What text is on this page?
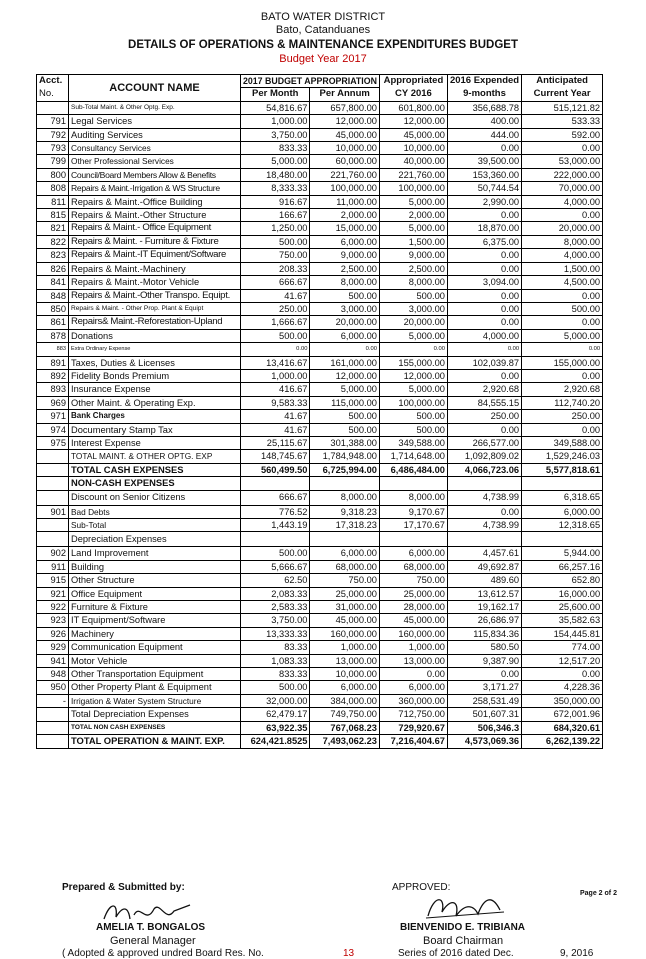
BATO WATER DISTRICT
Bato, Catanduanes
DETAILS OF OPERATIONS & MAINTENANCE EXPENDITURES BUDGET
Budget Year 2017
Acct.	ACCOUNT NAME	2017 BUDGET APPROPRIATION		Appropriated	2016 Expended	Anticipated
No.		Per Month	Per Annum	CY 2016	9-months	Current Year
	Sub-Total Maint. & Other Optg. Exp.	54,816.67	657,800.00	601,800.00	356,688.78	515,121.82
791	Legal Services	1,000.00	12,000.00	12,000.00	400.00	533.33
792	Auditing Services	3,750.00	45,000.00	45,000.00	444.00	592.00
793	Consultancy Services	833.33	10,000.00	10,000.00	0.00	0.00
799	Other Professional Services	5,000.00	60,000.00	40,000.00	39,500.00	53,000.00
800	Council/Board Members Allow & Benefits	18,480.00	221,760.00	221,760.00	153,360.00	222,000.00
808	Repairs & Maint.-Irrigation & WS Structure	8,333.33	100,000.00	100,000.00	50,744.54	70,000.00
811	Repairs & Maint.-Office Building	916.67	11,000.00	5,000.00	2,990.00	4,000.00
815	Repairs & Maint.-Other Structure	166.67	2,000.00	2,000.00	0.00	0.00
821	Repairs & Maint.- Office Equipment	1,250.00	15,000.00	5,000.00	18,870.00	20,000.00
822	Repairs & Maint. - Furniture & Fixture	500.00	6,000.00	1,500.00	6,375.00	8,000.00
823	Repairs & Maint.-IT Equiment/Software	750.00	9,000.00	9,000.00	0.00	4,000.00
826	Repairs & Maint.-Machinery	208.33	2,500.00	2,500.00	0.00	1,500.00
841	Repairs & Maint.-Motor Vehicle	666.67	8,000.00	8,000.00	3,094.00	4,500.00
848	Repairs & Maint.-Other Transpo. Equipt.	41.67	500.00	500.00	0.00	0.00
850	Repairs & Maint. - Other Prop. Plant & Equipt	250.00	3,000.00	3,000.00	0.00	500.00
861	Repairs& Maint.-Reforestation-Upland	1,666.67	20,000.00	20,000.00	0.00	0.00
878	Donations	500.00	6,000.00	5,000.00	4,000.00	5,000.00
883	Extra Ordinary Expense	0.00	0.00	0.00	0.00	0.00
891	Taxes, Duties & Licenses	13,416.67	161,000.00	155,000.00	102,039.87	155,000.00
892	Fidelity Bonds Premium	1,000.00	12,000.00	12,000.00	0.00	0.00
893	Insurance Expense	416.67	5,000.00	5,000.00	2,920.68	2,920.68
969	Other Maint. & Operating Exp.	9,583.33	115,000.00	100,000.00	84,555.15	112,740.20
971	Bank Charges	41.67	500.00	500.00	250.00	250.00
974	Documentary Stamp Tax	41.67	500.00	500.00	0.00	0.00
975	Interest Expense	25,115.67	301,388.00	349,588.00	266,577.00	349,588.00
	TOTAL MAINT. & OTHER OPTG. EXP	148,745.67	1,784,948.00	1,714,648.00	1,092,809.02	1,529,246.03
	TOTAL CASH EXPENSES	560,499.50	6,725,994.00	6,486,484.00	4,066,723.06	5,577,818.61
	NON-CASH EXPENSES					
	Discount on Senior Citizens	666.67	8,000.00	8,000.00	4,738.99	6,318.65
901	Bad Debts	776.52	9,318.23	9,170.67	0.00	6,000.00
	Sub-Total	1,443.19	17,318.23	17,170.67	4,738.99	12,318.65
	Depreciation Expenses					
902	Land Improvement	500.00	6,000.00	6,000.00	4,457.61	5,944.00
911	Building	5,666.67	68,000.00	68,000.00	49,692.87	66,257.16
915	Other Structure	62.50	750.00	750.00	489.60	652.80
921	Office Equipment	2,083.33	25,000.00	25,000.00	13,612.57	16,000.00
922	Furniture & Fixture	2,583.33	31,000.00	28,000.00	19,162.17	25,600.00
923	IT Equipment/Software	3,750.00	45,000.00	45,000.00	26,686.97	35,582.63
926	Machinery	13,333.33	160,000.00	160,000.00	115,834.36	154,445.81
929	Communication Equipment	83.33	1,000.00	1,000.00	580.50	774.00
941	Motor Vehicle	1,083.33	13,000.00	13,000.00	9,387.90	12,517.20
948	Other Transportation Equipment	833.33	10,000.00	0.00	0.00	0.00
950	Other Property Plant & Equipment	500.00	6,000.00	6,000.00	3,171.27	4,228.36
-	Irrigation & Water System Structure	32,000.00	384,000.00	360,000.00	258,531.49	350,000.00
	Total Depreciation Expenses	62,479.17	749,750.00	712,750.00	501,607.31	672,001.96
	TOTAL NON CASH EXPENSES	63,922.35	767,068.23	729,920.67	506,346.3	684,320.61
	TOTAL OPERATION & MAINT. EXP.	624,421.8525	7,493,062.23	7,216,404.67	4,573,069.36	6,262,139.22
Prepared & Submitted by:	APPROVED:
Page 2 of 2
AMELIA T. BONGALOS
General Manager
BIENVENIDO E. TRIBIANA
Board Chairman
( Adopted & approved undred Board Res. No.	13	Series of 2016 dated Dec.	9, 2016
